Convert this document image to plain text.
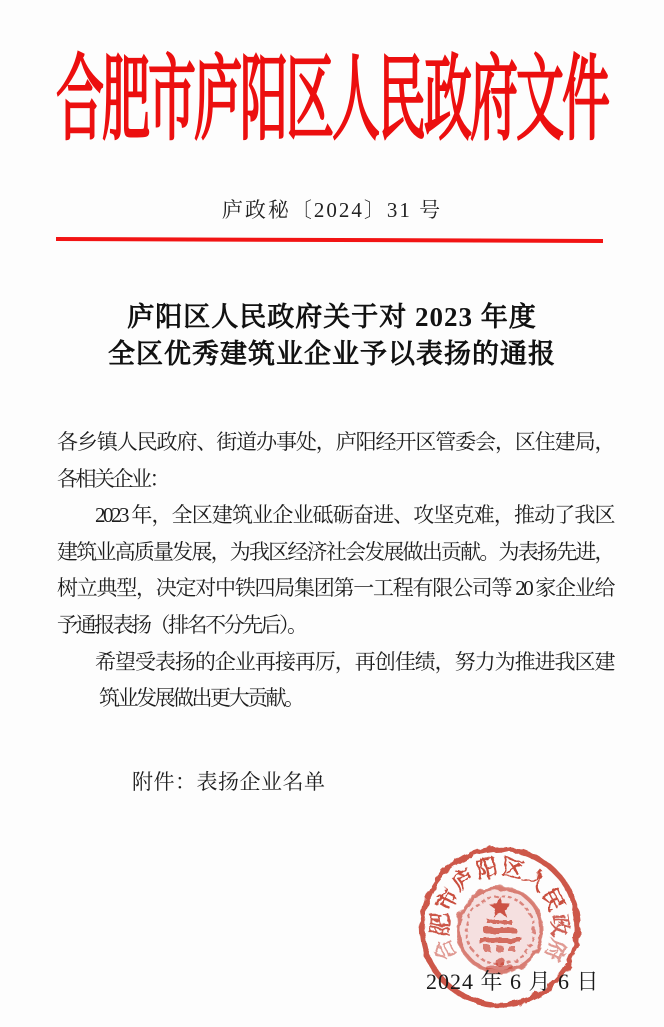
合肥市庐阳区人民政府文件
庐政秘〔2024〕31 号
庐阳区人民政府关于对 2023 年度
全区优秀建筑业企业予以表扬的通报
各乡镇人民政府、街道办事处，庐阳经开区管委会，区住建局，
各相关企业：
2023 年，全区建筑业企业砥砺奋进、攻坚克难，推动了我区
建筑业高质量发展，为我区经济社会发展做出贡献。为表扬先进，
树立典型，决定对中铁四局集团第一工程有限公司等 20 家企业给
予通报表扬（排名不分先后）。
希望受表扬的企业再接再厉，再创佳绩，努力为推进我区建
筑业发展做出更大贡献。
附件：表扬企业名单
合
肥
市
庐
阳
区
人
民
政
府
2024 年 6 月 6 日
